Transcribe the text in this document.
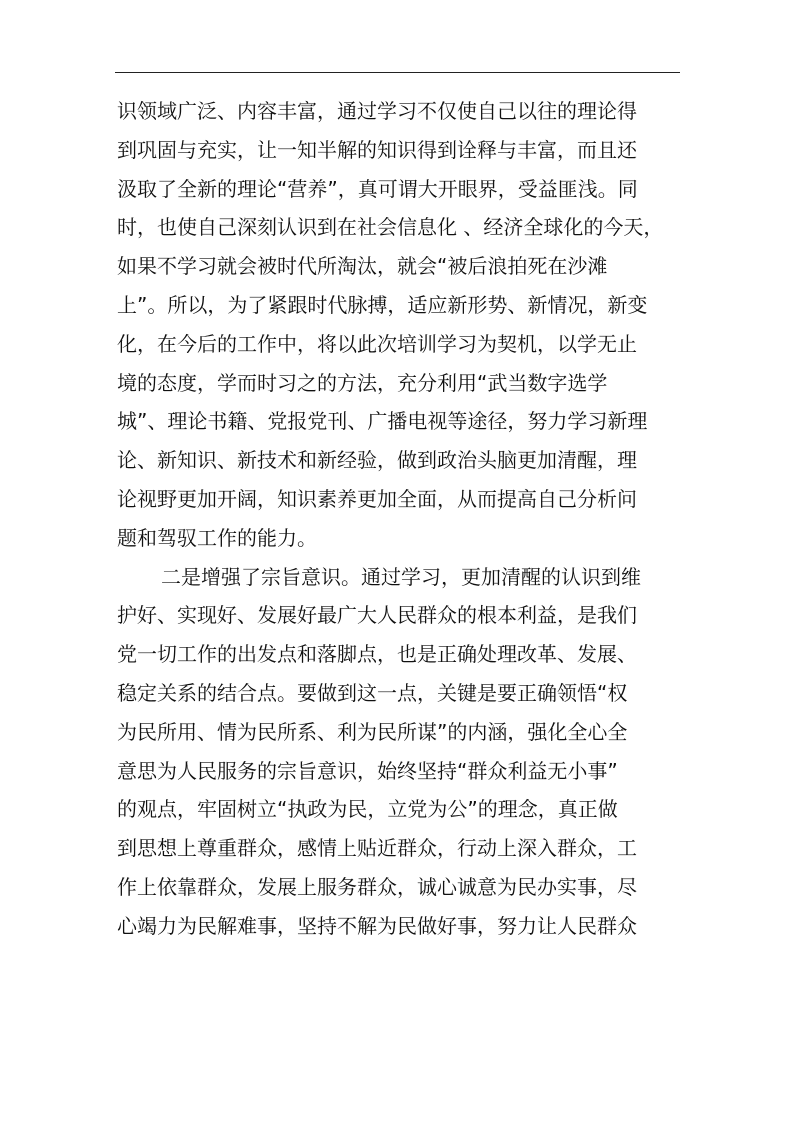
识领域广泛、内容丰富，通过学习不仅使自己以往的理论得
到巩固与充实，让一知半解的知识得到诠释与丰富，而且还
汲取了全新的理论“营养”，真可谓大开眼界，受益匪浅。同
时，也使自己深刻认识到在社会信息化 、经济全球化的今天，
如果不学习就会被时代所淘汰，就会“被后浪拍死在沙滩
上”。所以，为了紧跟时代脉搏，适应新形势、新情况，新变
化，在今后的工作中，将以此次培训学习为契机，以学无止
境的态度，学而时习之的方法，充分利用“武当数字选学
城”、理论书籍、党报党刊、广播电视等途径，努力学习新理
论、新知识、新技术和新经验，做到政治头脑更加清醒，理
论视野更加开阔，知识素养更加全面，从而提高自己分析问
题和驾驭工作的能力。
二是增强了宗旨意识。通过学习，更加清醒的认识到维
护好、实现好、发展好最广大人民群众的根本利益，是我们
党一切工作的出发点和落脚点，也是正确处理改革、发展、
稳定关系的结合点。要做到这一点，关键是要正确领悟“权
为民所用、情为民所系、利为民所谋”的内涵，强化全心全
意思为人民服务的宗旨意识，始终坚持“群众利益无小事”
的观点，牢固树立“执政为民，立党为公”的理念，真正做
到思想上尊重群众，感情上贴近群众，行动上深入群众，工
作上依靠群众，发展上服务群众，诚心诚意为民办实事，尽
心竭力为民解难事，坚持不解为民做好事，努力让人民群众
